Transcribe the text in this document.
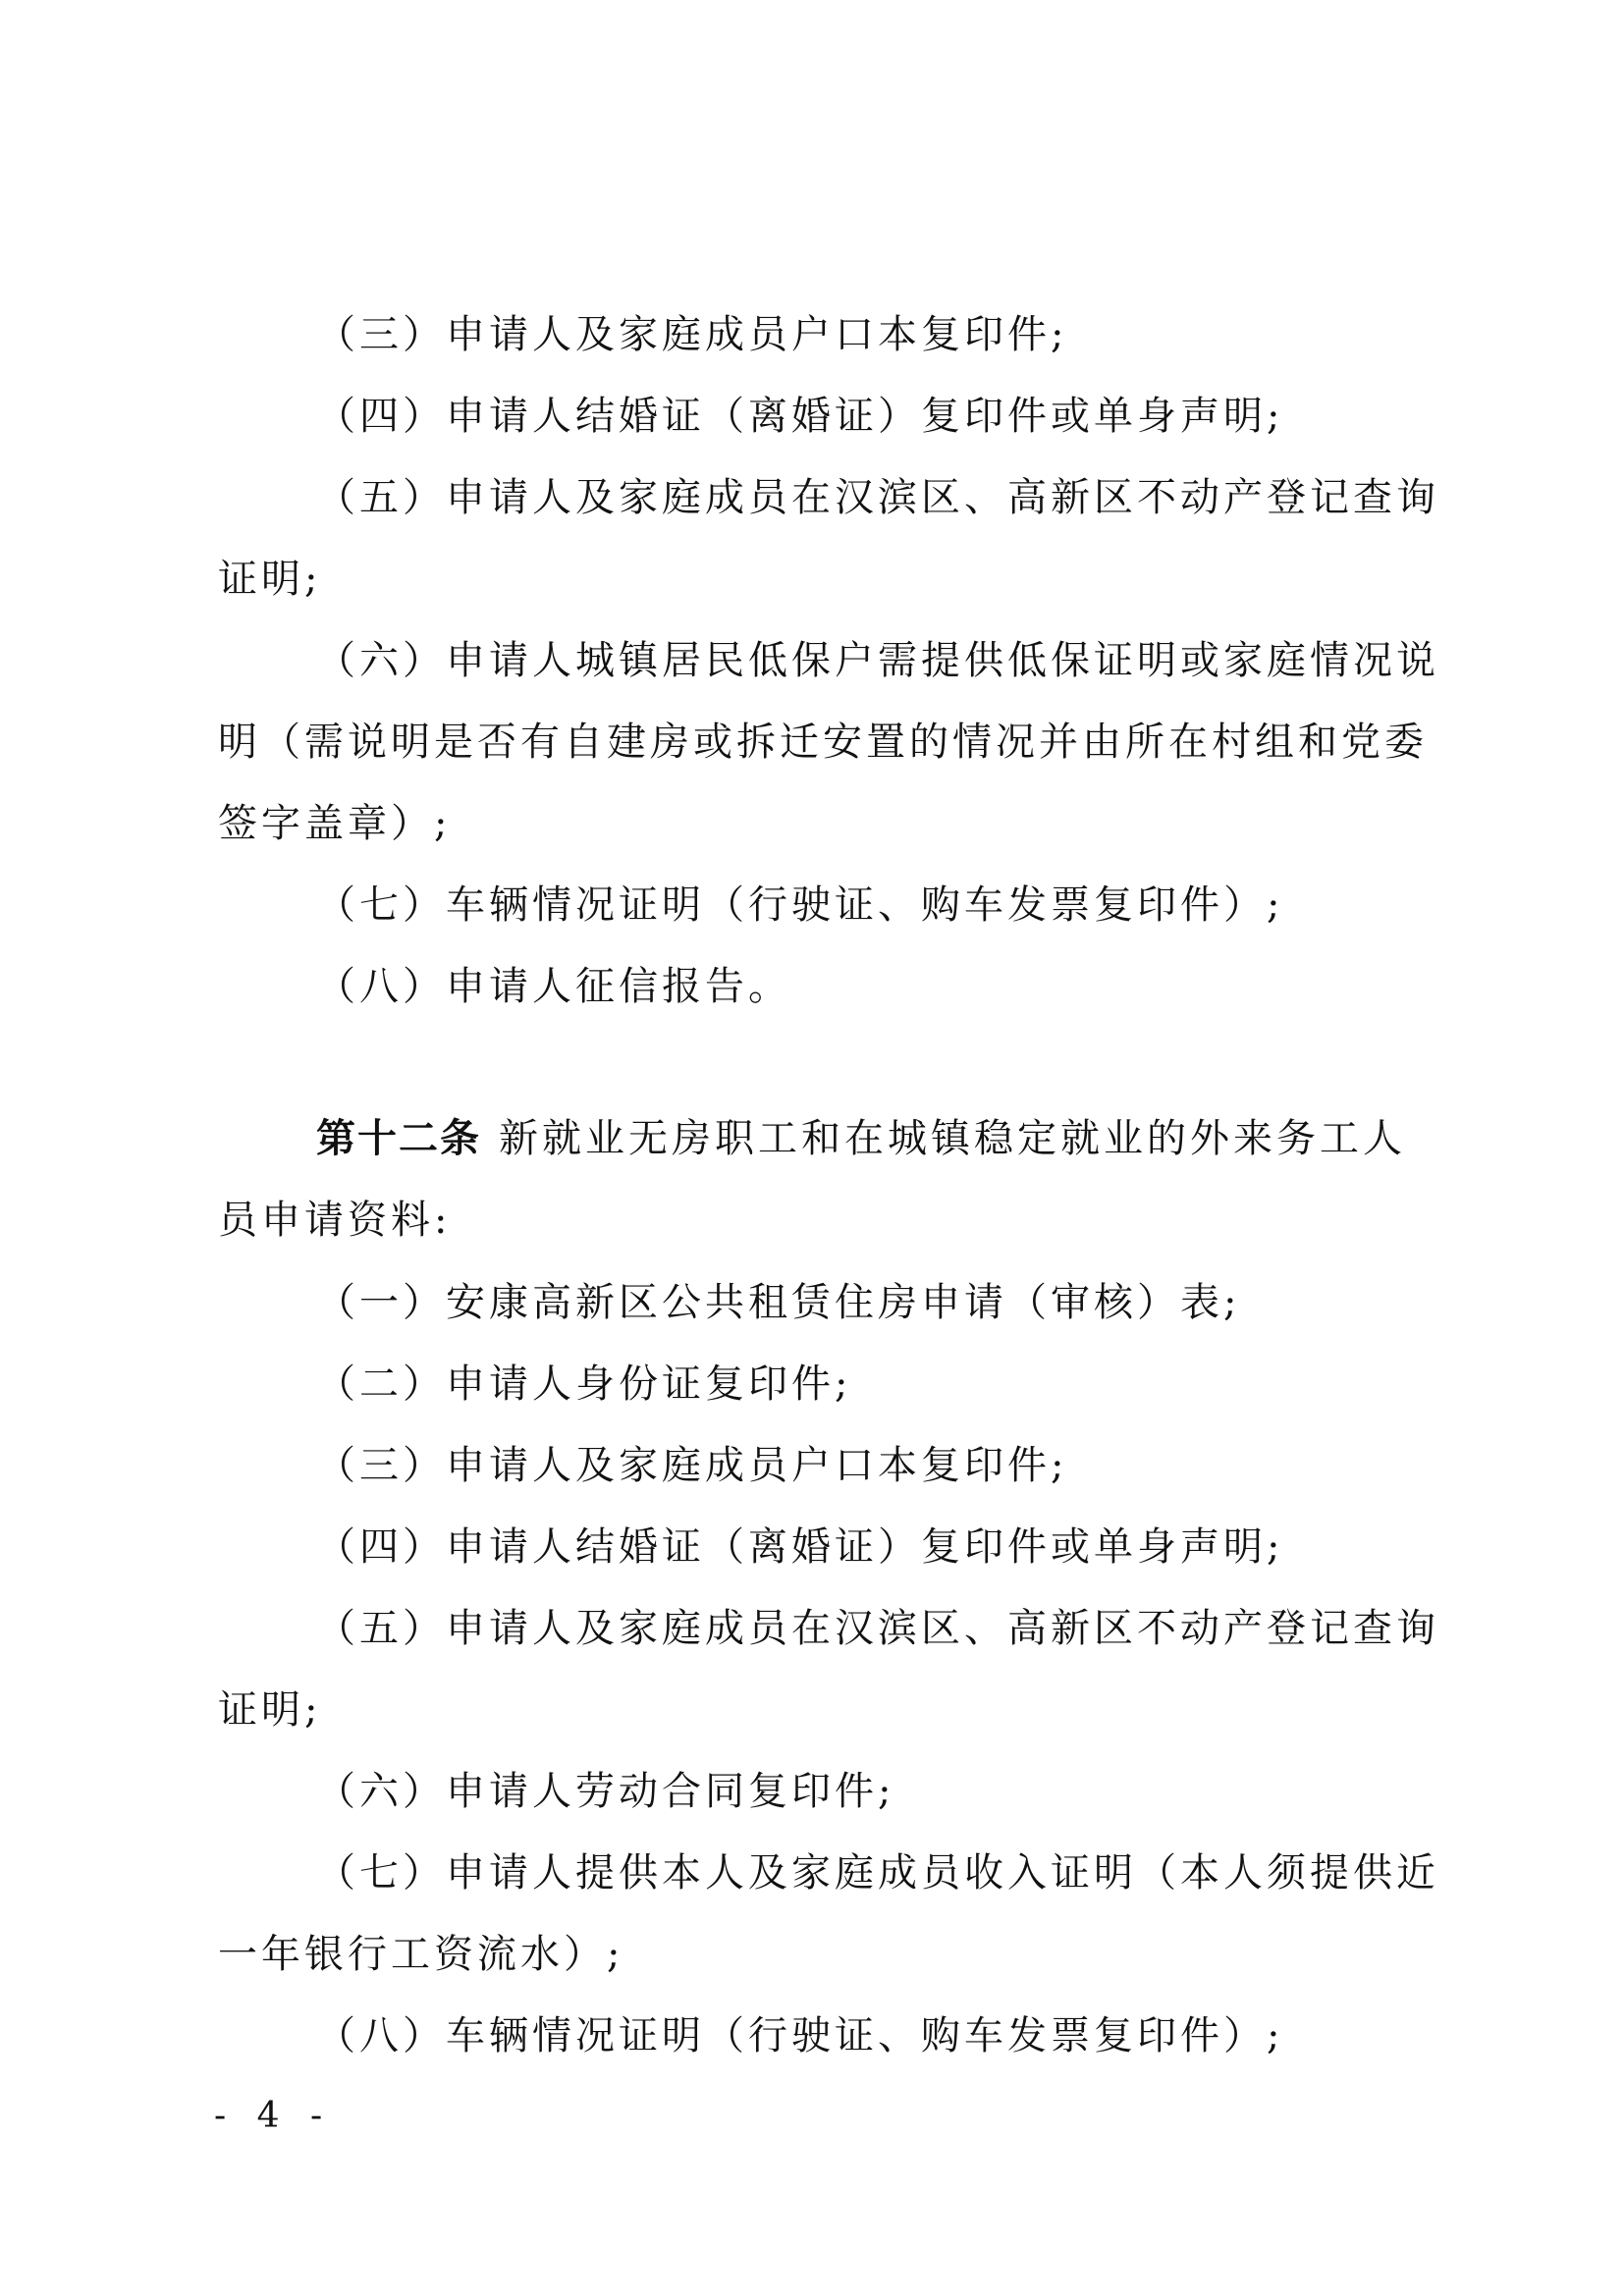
（三）申请人及家庭成员户口本复印件;
（四）申请人结婚证（离婚证）复印件或单身声明;
（五）申请人及家庭成员在汉滨区、高新区不动产登记查询
证明;
（六）申请人城镇居民低保户需提供低保证明或家庭情况说
明（需说明是否有自建房或拆迁安置的情况并由所在村组和党委
签字盖章）;
（七）车辆情况证明（行驶证、购车发票复印件）;
（八）申请人征信报告。
第十二条 新就业无房职工和在城镇稳定就业的外来务工人
员申请资料:
（一）安康高新区公共租赁住房申请（审核）表;
（二）申请人身份证复印件;
（三）申请人及家庭成员户口本复印件;
（四）申请人结婚证（离婚证）复印件或单身声明;
（五）申请人及家庭成员在汉滨区、高新区不动产登记查询
证明;
（六）申请人劳动合同复印件;
（七）申请人提供本人及家庭成员收入证明（本人须提供近
一年银行工资流水）;
（八）车辆情况证明（行驶证、购车发票复印件）;
- 4 -
